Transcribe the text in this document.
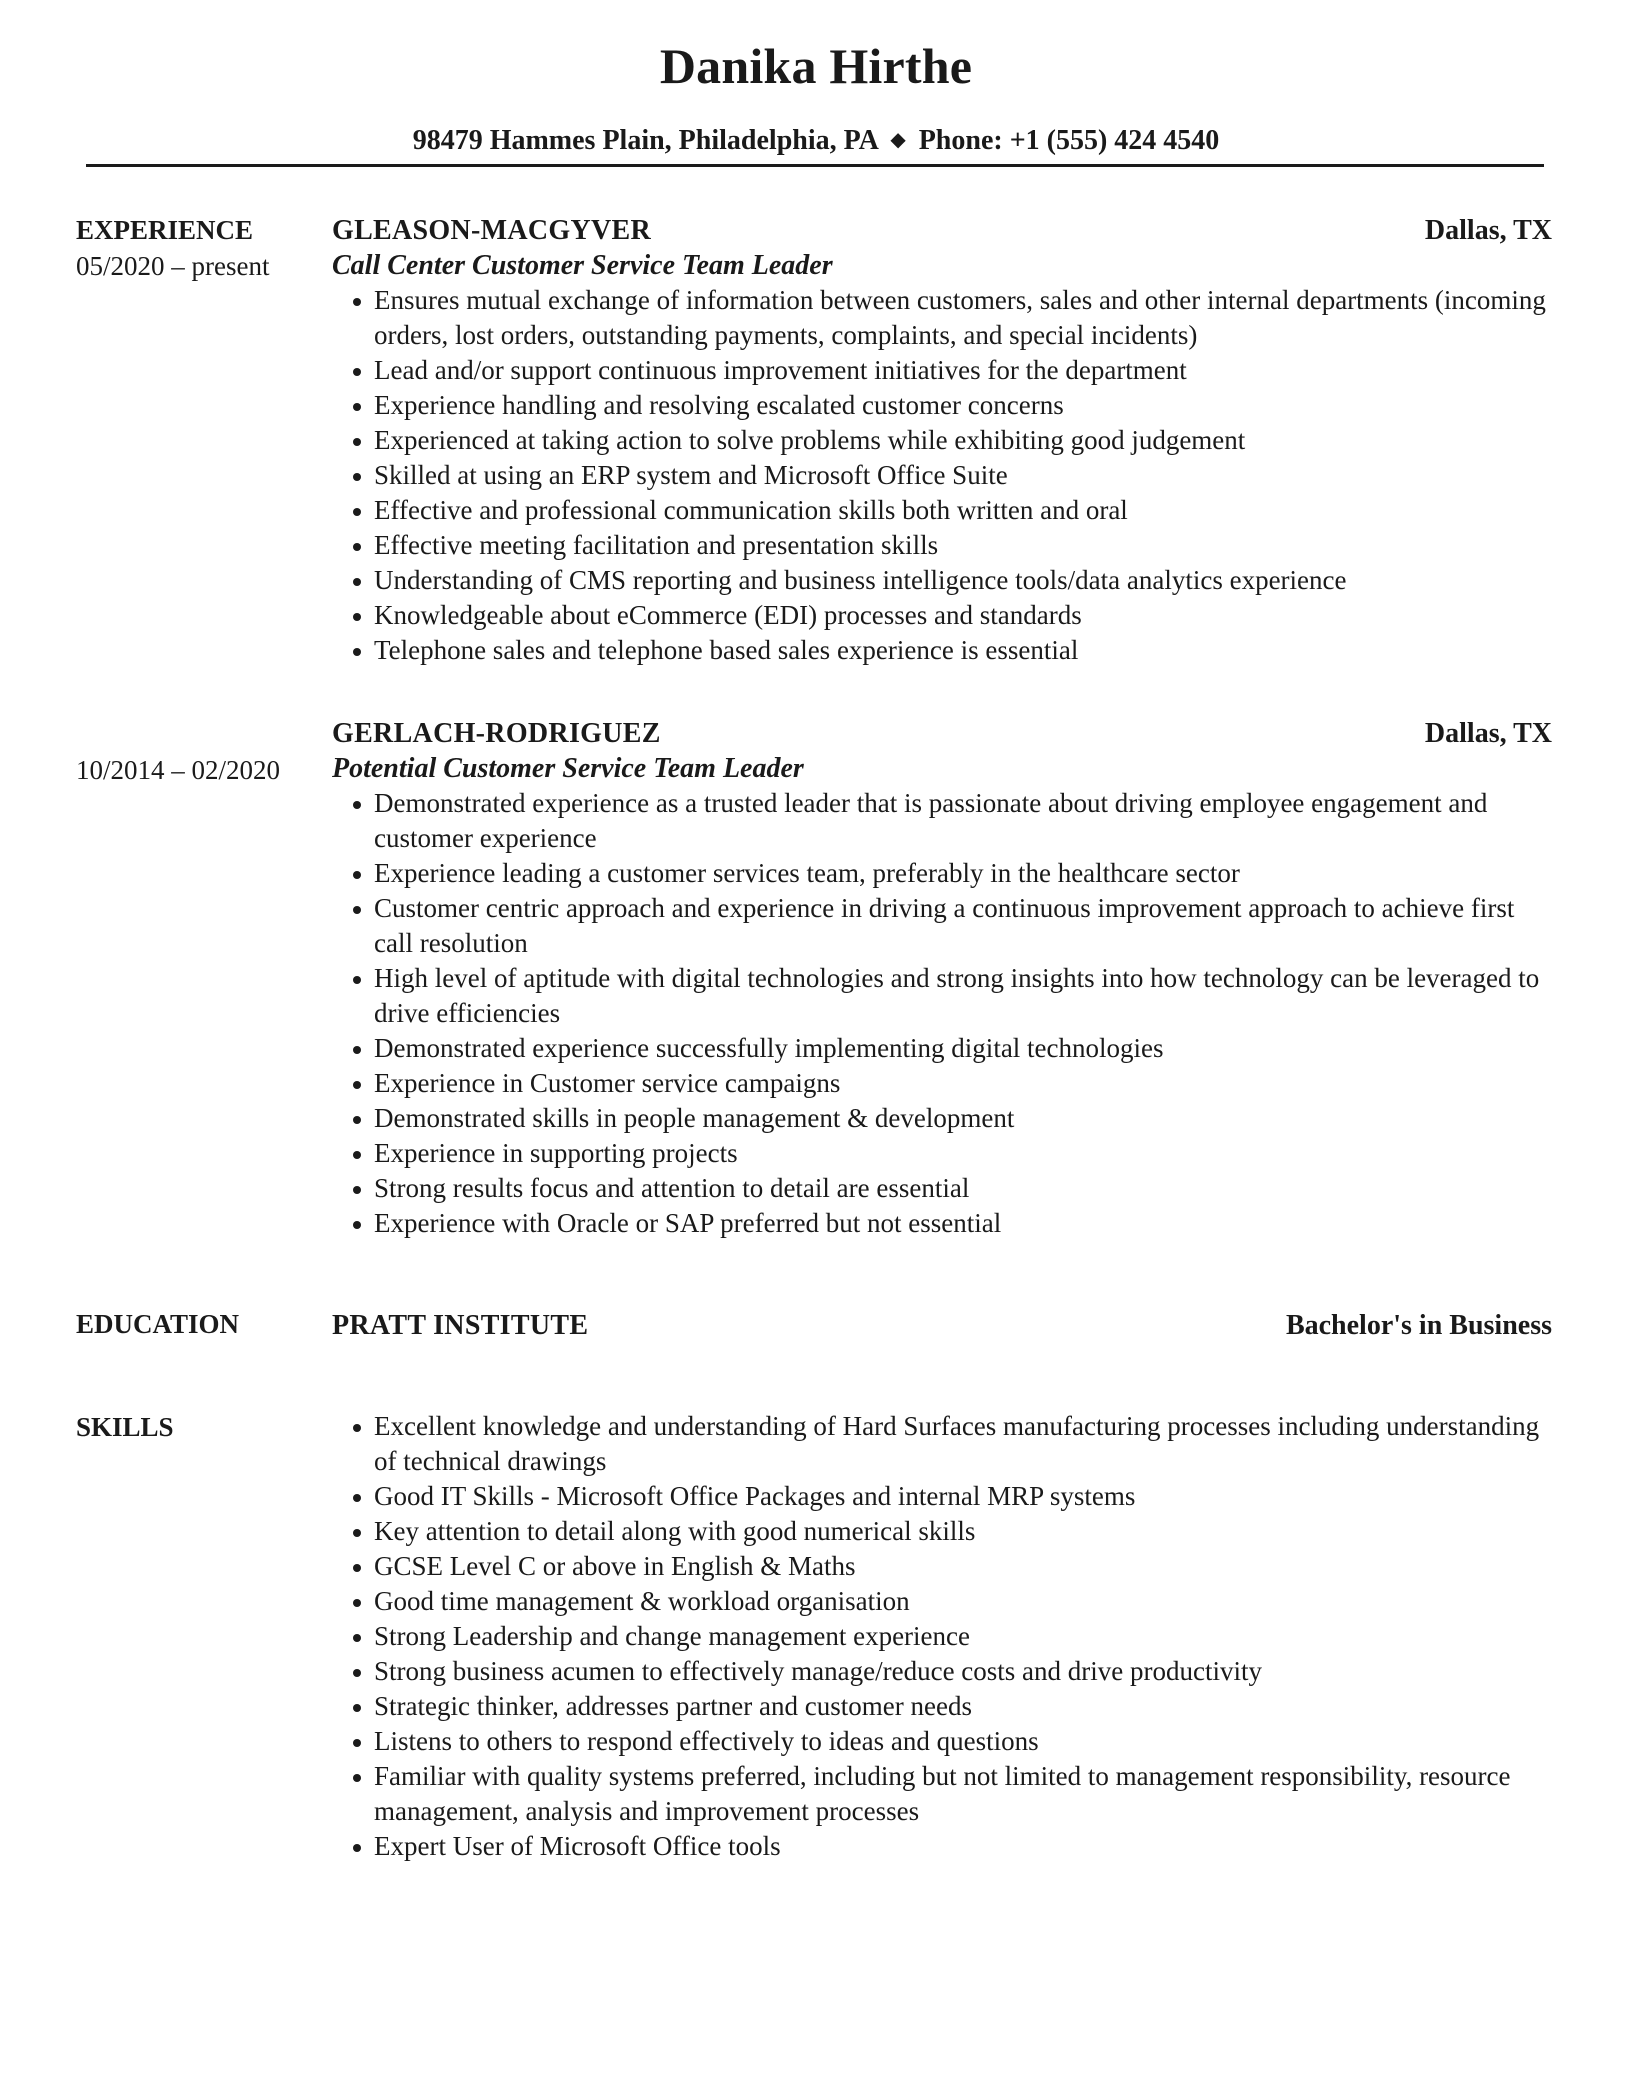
Danika Hirthe
98479 Hammes Plain, Philadelphia, PA ◆ Phone: +1 (555) 424 4540
EXPERIENCE
05/2020 – present
GLEASON-MACGYVER	Dallas, TX
Call Center Customer Service Team Leader
Ensures mutual exchange of information between customers, sales and other internal departments (incoming orders, lost orders, outstanding payments, complaints, and special incidents)
Lead and/or support continuous improvement initiatives for the department
Experience handling and resolving escalated customer concerns
Experienced at taking action to solve problems while exhibiting good judgement
Skilled at using an ERP system and Microsoft Office Suite
Effective and professional communication skills both written and oral
Effective meeting facilitation and presentation skills
Understanding of CMS reporting and business intelligence tools/data analytics experience
Knowledgeable about eCommerce (EDI) processes and standards
Telephone sales and telephone based sales experience is essential
10/2014 – 02/2020
GERLACH-RODRIGUEZ	Dallas, TX
Potential Customer Service Team Leader
Demonstrated experience as a trusted leader that is passionate about driving employee engagement and customer experience
Experience leading a customer services team, preferably in the healthcare sector
Customer centric approach and experience in driving a continuous improvement approach to achieve first call resolution
High level of aptitude with digital technologies and strong insights into how technology can be leveraged to drive efficiencies
Demonstrated experience successfully implementing digital technologies
Experience in Customer service campaigns
Demonstrated skills in people management & development
Experience in supporting projects
Strong results focus and attention to detail are essential
Experience with Oracle or SAP preferred but not essential
EDUCATION	PRATT INSTITUTE	Bachelor's in Business
SKILLS	Excellent knowledge and understanding of Hard Surfaces manufacturing processes including understanding of technical drawings
Good IT Skills - Microsoft Office Packages and internal MRP systems
Key attention to detail along with good numerical skills
GCSE Level C or above in English & Maths
Good time management & workload organisation
Strong Leadership and change management experience
Strong business acumen to effectively manage/reduce costs and drive productivity
Strategic thinker, addresses partner and customer needs
Listens to others to respond effectively to ideas and questions
Familiar with quality systems preferred, including but not limited to management responsibility, resource management, analysis and improvement processes
Expert User of Microsoft Office tools
